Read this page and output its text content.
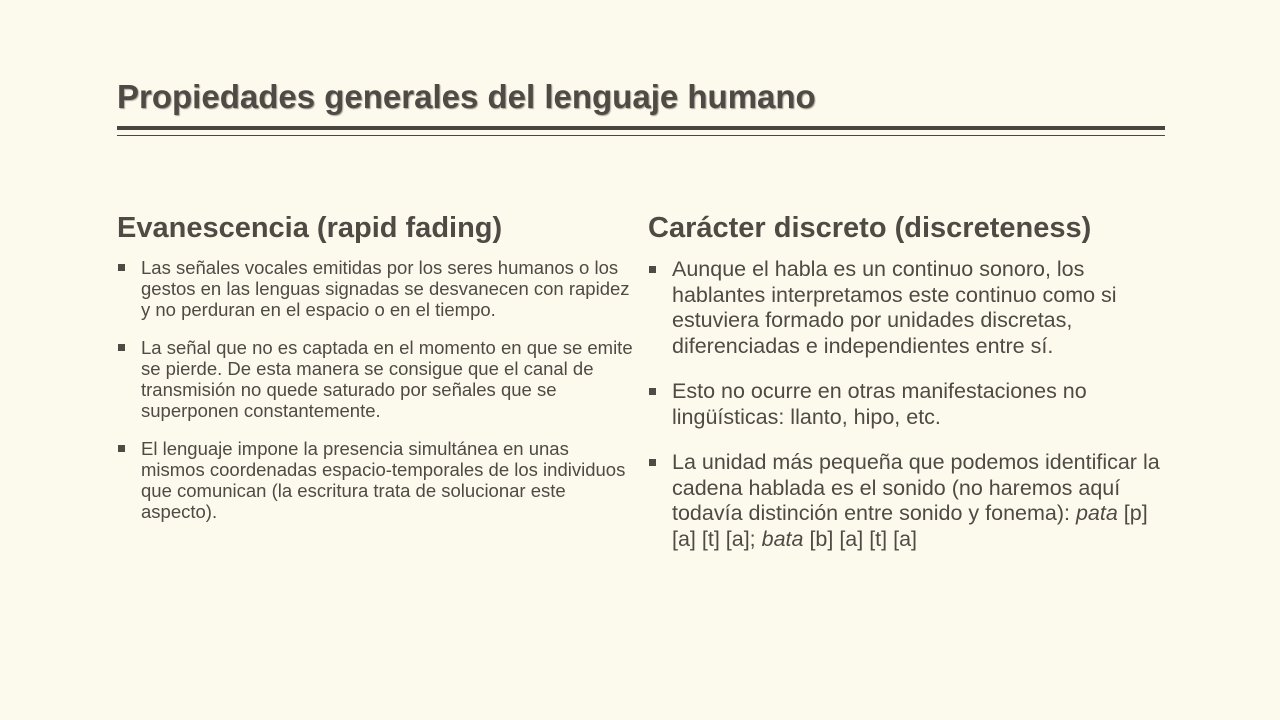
Propiedades generales del lenguaje humano
Evanescencia (rapid fading)
Las señales vocales emitidas por los seres humanos o los gestos en las lenguas signadas se desvanecen con rapidez y no perduran en el espacio o en el tiempo.
La señal que no es captada en el momento en que se emite se pierde. De esta manera se consigue que el canal de transmisión no quede saturado por señales que se superponen constantemente.
El lenguaje impone la presencia simultánea en unas mismos coordenadas espacio-temporales de los individuos que comunican (la escritura trata de solucionar este aspecto).
Carácter discreto (discreteness)
Aunque el habla es un continuo sonoro, los hablantes interpretamos este continuo como si estuviera formado por unidades discretas, diferenciadas e independientes entre sí.
Esto no ocurre en otras manifestaciones no lingüísticas: llanto, hipo, etc.
La unidad más pequeña que podemos identificar la cadena hablada es el sonido (no haremos aquí todavía distinción entre sonido y fonema): pata [p] [a] [t] [a]; bata [b] [a] [t] [a]
